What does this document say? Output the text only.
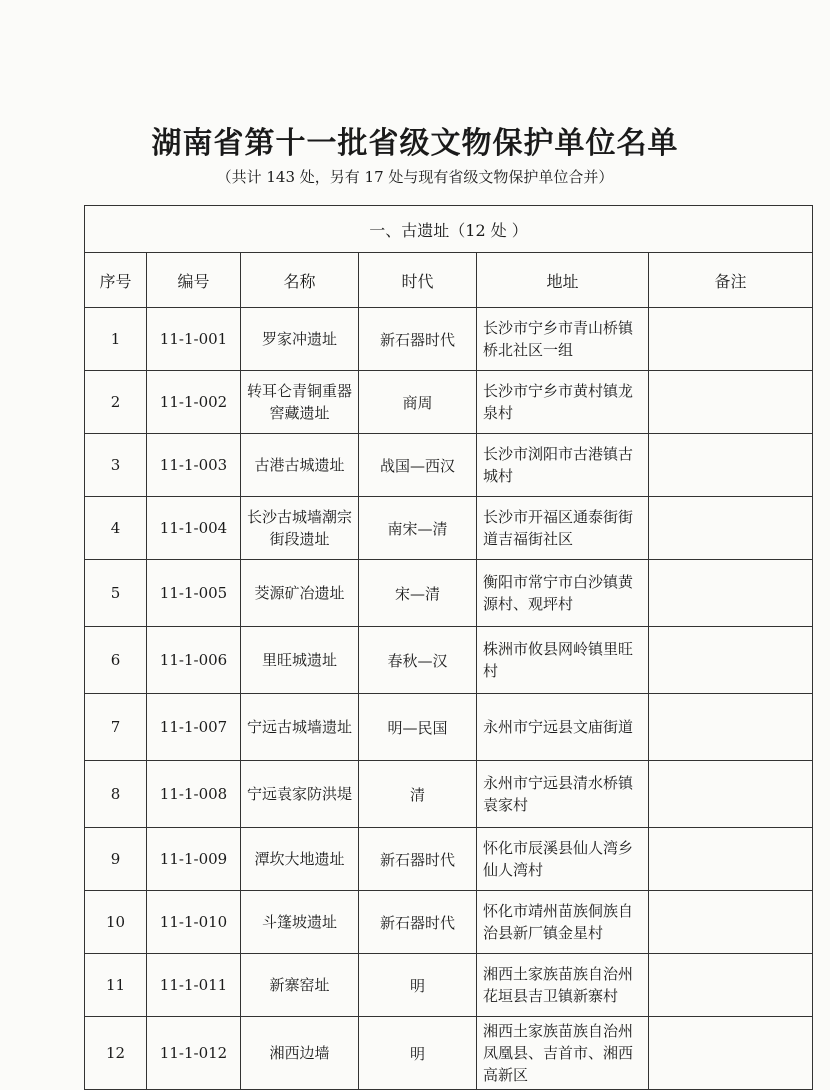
湖南省第十一批省级文物保护单位名单
（共计 143 处，另有 17 处与现有省级文物保护单位合并）
一、古遗址（12 处 ）					
序号	编号	名称	时代	地址	备注
1	11-1-001	罗家冲遗址	新石器时代	长沙市宁乡市青山桥镇桥北社区一组	
2	11-1-002	转耳仑青铜重器窖藏遗址	商周	长沙市宁乡市黄村镇龙泉村	
3	11-1-003	古港古城遗址	战国—西汉	长沙市浏阳市古港镇古城村	
4	11-1-004	长沙古城墙潮宗街段遗址	南宋—清	长沙市开福区通泰街街道吉福街社区	
5	11-1-005	茭源矿冶遗址	宋—清	衡阳市常宁市白沙镇黄源村、观坪村	
6	11-1-006	里旺城遗址	春秋—汉	株洲市攸县网岭镇里旺村	
7	11-1-007	宁远古城墙遗址	明—民国	永州市宁远县文庙街道	
8	11-1-008	宁远袁家防洪堤	清	永州市宁远县清水桥镇袁家村	
9	11-1-009	潭坎大地遗址	新石器时代	怀化市辰溪县仙人湾乡仙人湾村	
10	11-1-010	斗篷坡遗址	新石器时代	怀化市靖州苗族侗族自治县新厂镇金星村	
11	11-1-011	新寨窑址	明	湘西土家族苗族自治州花垣县吉卫镇新寨村	
12	11-1-012	湘西边墙	明	湘西土家族苗族自治州凤凰县、吉首市、湘西高新区	
